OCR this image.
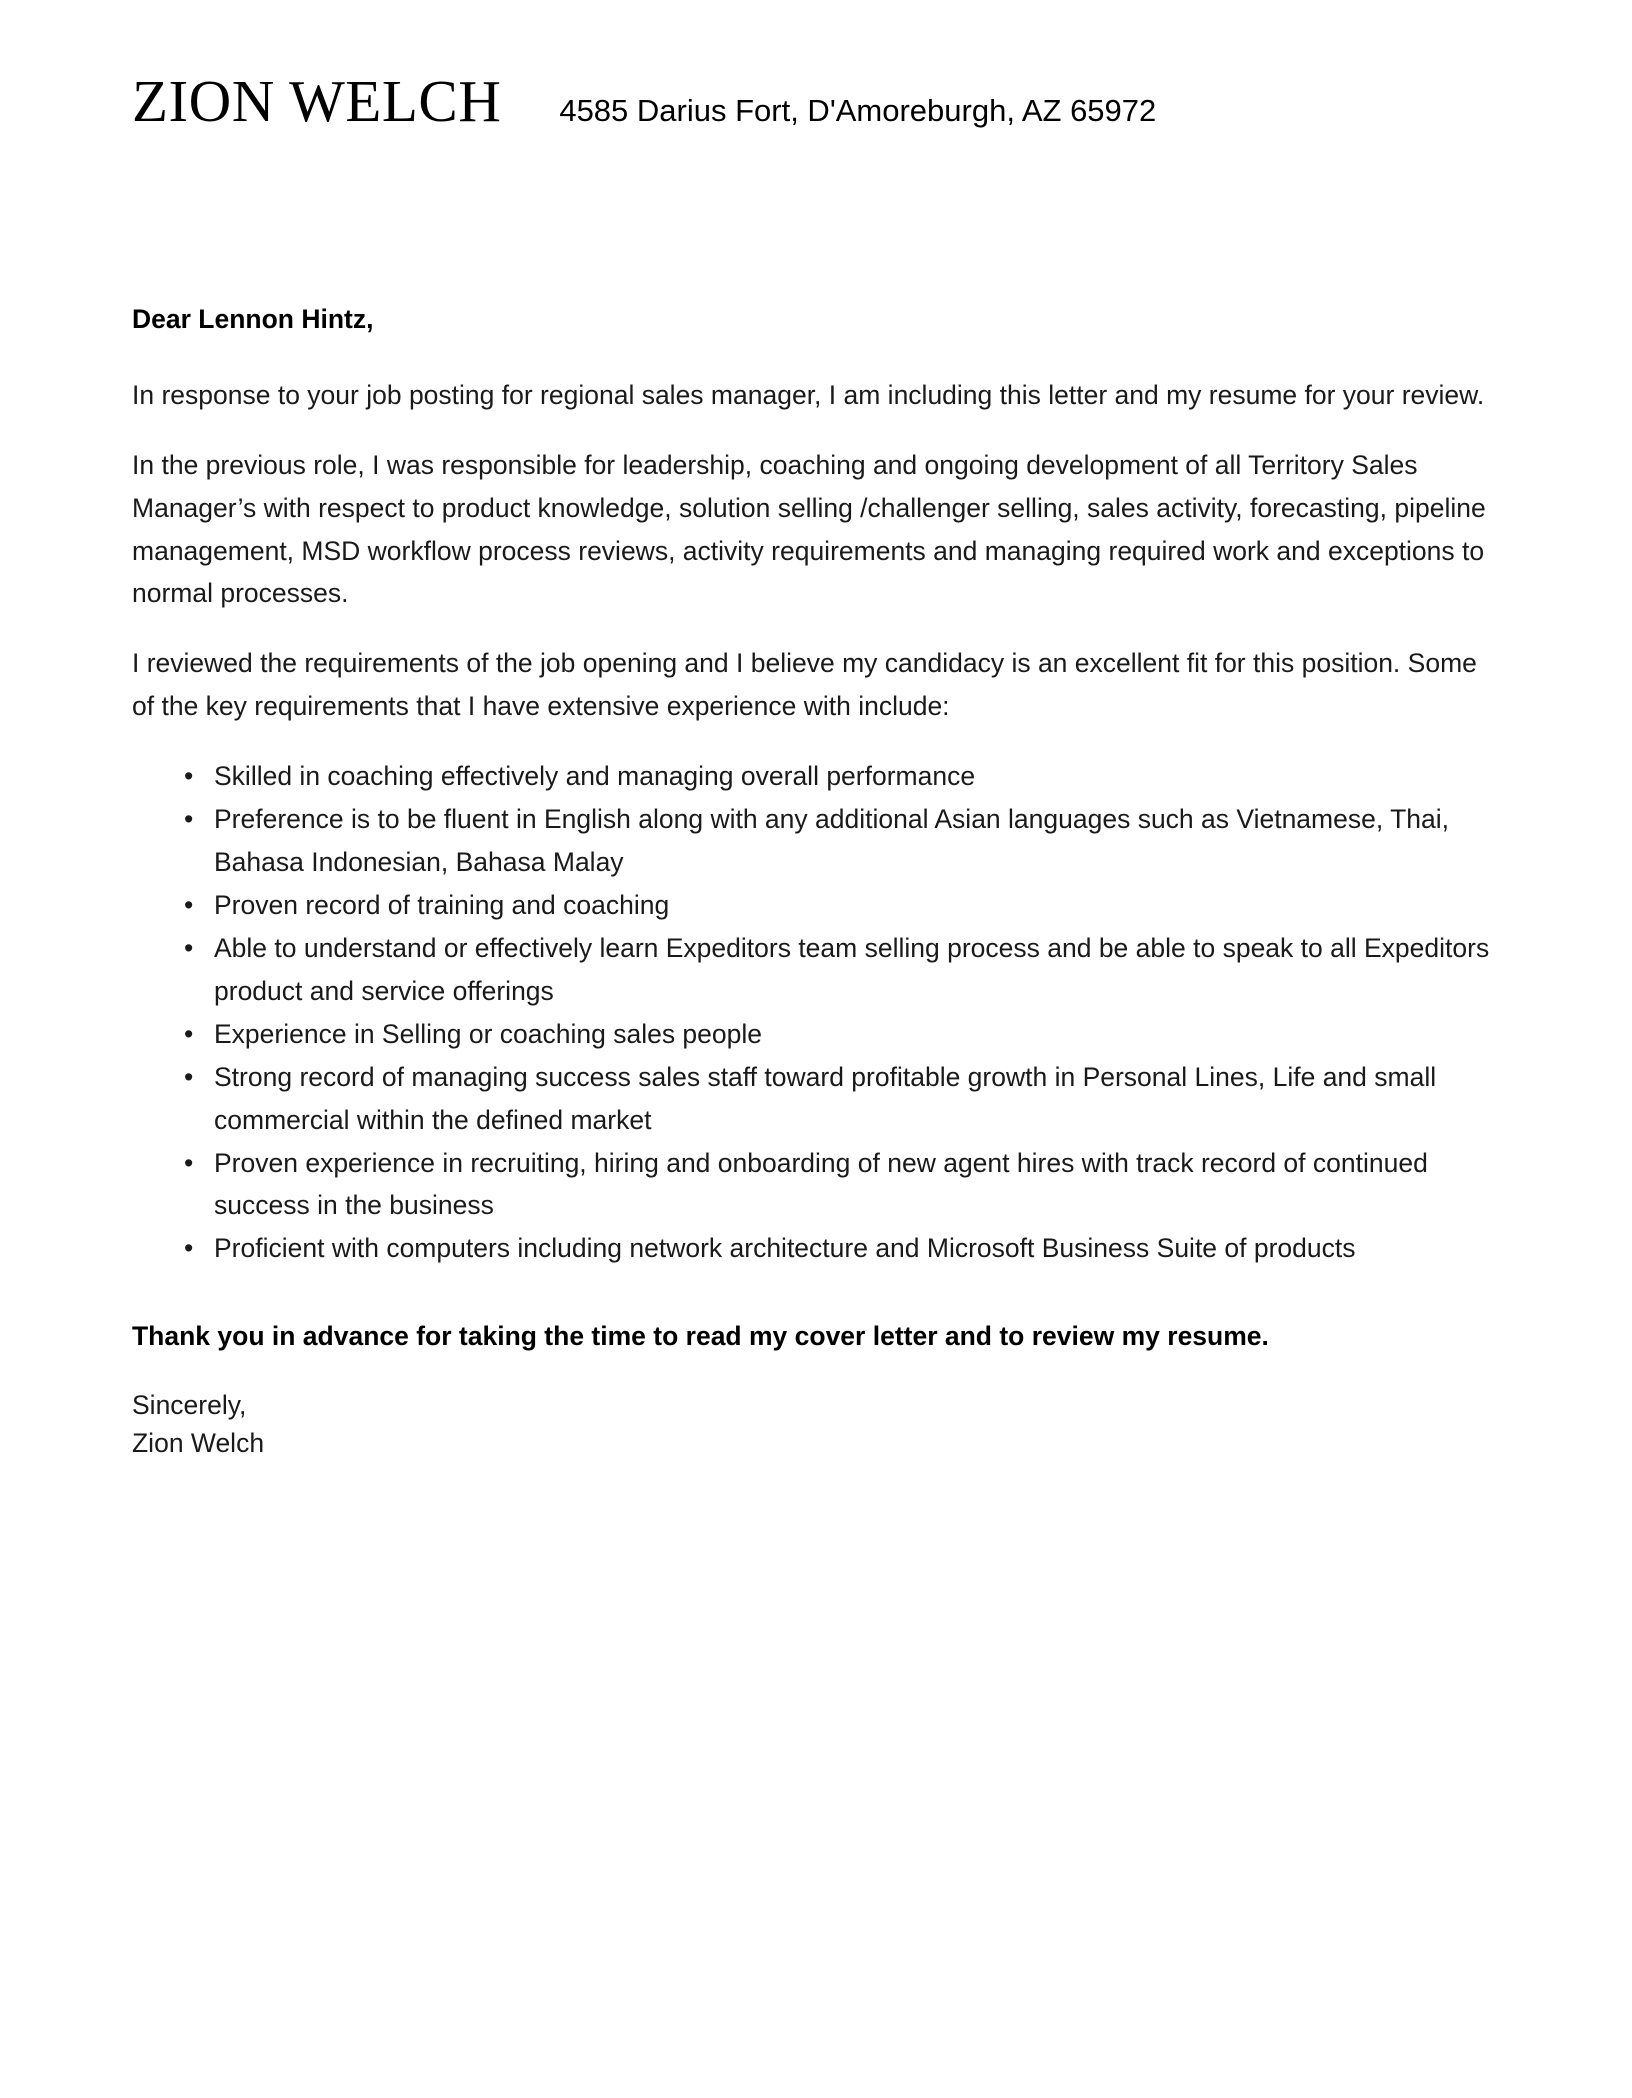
ZION WELCH 4585 Darius Fort, D'Amoreburgh, AZ 65972

Dear Lennon Hintz,

In response to your job posting for regional sales manager, I am including this letter and my resume for your review.

In the previous role, I was responsible for leadership, coaching and ongoing development of all Territory Sales Manager’s with respect to product knowledge, solution selling /challenger selling, sales activity, forecasting, pipeline management, MSD workflow process reviews, activity requirements and managing required work and exceptions to normal processes.

I reviewed the requirements of the job opening and I believe my candidacy is an excellent fit for this position. Some of the key requirements that I have extensive experience with include:

• Skilled in coaching effectively and managing overall performance
• Preference is to be fluent in English along with any additional Asian languages such as Vietnamese, Thai, Bahasa Indonesian, Bahasa Malay
• Proven record of training and coaching
• Able to understand or effectively learn Expeditors team selling process and be able to speak to all Expeditors product and service offerings
• Experience in Selling or coaching sales people
• Strong record of managing success sales staff toward profitable growth in Personal Lines, Life and small commercial within the defined market
• Proven experience in recruiting, hiring and onboarding of new agent hires with track record of continued success in the business
• Proficient with computers including network architecture and Microsoft Business Suite of products

Thank you in advance for taking the time to read my cover letter and to review my resume.

Sincerely,
Zion Welch
